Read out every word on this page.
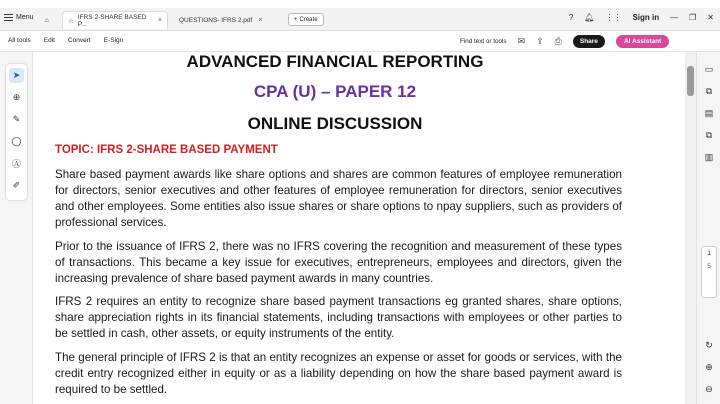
Menu ⌂	☆
IFRS 2-SHARE BASED P...	×	QUESTIONS- IFRS 2.pdf ×	+ Create	? 🔔︎ ⋮⋮ Sign in — ❐ ✕
All tools Edit Convert E-Sign	Find text or tools ✉ ⇪ ⎙	Share	AI Assistant
➤
⊕
✎
◯
Ⓐ
✐
ADVANCED FINANCIAL REPORTING
CPA (U) – PAPER 12
ONLINE DISCUSSION
TOPIC: IFRS 2-SHARE BASED PAYMENT
Share based payment awards like share options and shares are common features of employee remuneration for directors, senior executives and other features of employee remuneration for directors, senior executives and other employees. Some entities also issue shares or share options to npay suppliers, such as providers of professional services.
Prior to the issuance of IFRS 2, there was no IFRS covering the recognition and measurement of these types of transactions. This became a key issue for executives, entrepreneurs, employees and directors, given the increasing prevalence of share based payment awards in many countries.
IFRS 2 requires an entity to recognize share based payment transactions eg granted shares, share options, share appreciation rights in its financial statements, including transactions with employees or other parties to be settled in cash, other assets, or equity instruments of the entity.
The general principle of IFRS 2 is that an entity recognizes an expense or asset for goods or services, with the credit entry recognized either in equity or as a liability depending on how the share based payment award is required to be settled.
▭
⧉
▤
⧉
▥
1
5
↻
⊕
⊖
